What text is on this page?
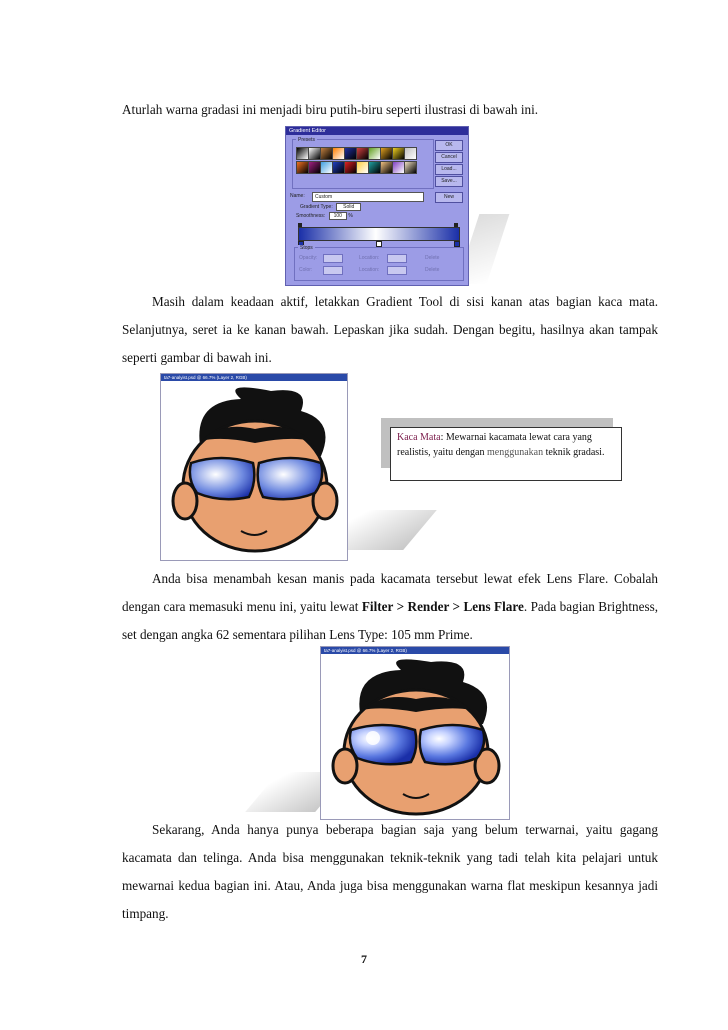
Aturlah warna gradasi ini menjadi biru putih-biru seperti ilustrasi di bawah ini.

Gradient Editor
Presets
OK
Cancel
Load...
Save...
Name:	Custom	New
Gradient Type: Solid
Smoothness: 100 %
Stops
Opacity:	Location:	Delete
Color:	Location:	Delete

Masih dalam keadaan aktif, letakkan Gradient Tool di sisi kanan atas bagian kaca mata. Selanjutnya, seret ia ke kanan bawah. Lepaskan jika sudah. Dengan begitu, hasilnya akan tampak seperti gambar di bawah ini.

ta7-analyist.psd @ 66.7% (Layer 2, RGB)
Kaca Mata: Mewarnai kacamata lewat cara yang realistis, yaitu dengan menggunakan teknik gradasi.

Anda bisa menambah kesan manis pada kacamata tersebut lewat efek Lens Flare. Cobalah dengan cara memasuki menu ini, yaitu lewat Filter > Render > Lens Flare. Pada bagian Brightness, set dengan angka 62 sementara pilihan Lens Type: 105 mm Prime.

ta7-analyist.psd @ 66.7% (Layer 2, RGB)

Sekarang, Anda hanya punya beberapa bagian saja yang belum terwarnai, yaitu gagang kacamata dan telinga. Anda bisa menggunakan teknik-teknik yang tadi telah kita pelajari untuk mewarnai kedua bagian ini. Atau, Anda juga bisa menggunakan warna flat meskipun kesannya jadi timpang.

7
